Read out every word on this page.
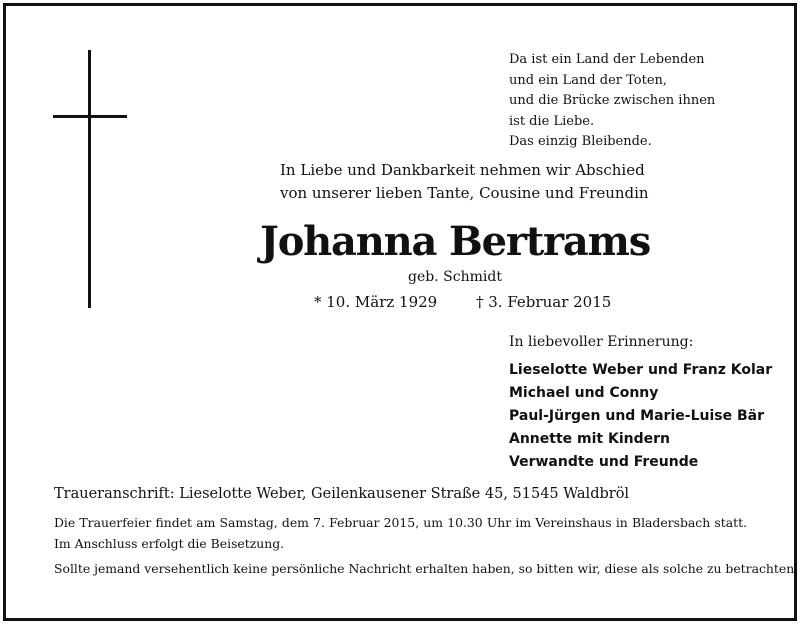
Da ist ein Land der Lebenden
und ein Land der Toten,
und die Brücke zwischen ihnen
ist die Liebe.
Das einzig Bleibende.
In Liebe und Dankbarkeit nehmen wir Abschied
von unserer lieben Tante, Cousine und Freundin
Johanna Bertrams
geb. Schmidt
* 10. März 1929	† 3. Februar 2015
In liebevoller Erinnerung:
Lieselotte Weber und Franz Kolar
Michael und Conny
Paul-Jürgen und Marie-Luise Bär
Annette mit Kindern
Verwandte und Freunde
Traueranschrift: Lieselotte Weber, Geilenkausener Straße 45, 51545 Waldbröl
Die Trauerfeier findet am Samstag, dem 7. Februar 2015, um 10.30 Uhr im Vereinshaus in Bladersbach statt. Im Anschluss erfolgt die Beisetzung.
Sollte jemand versehentlich keine persönliche Nachricht erhalten haben, so bitten wir, diese als solche zu betrachten.
